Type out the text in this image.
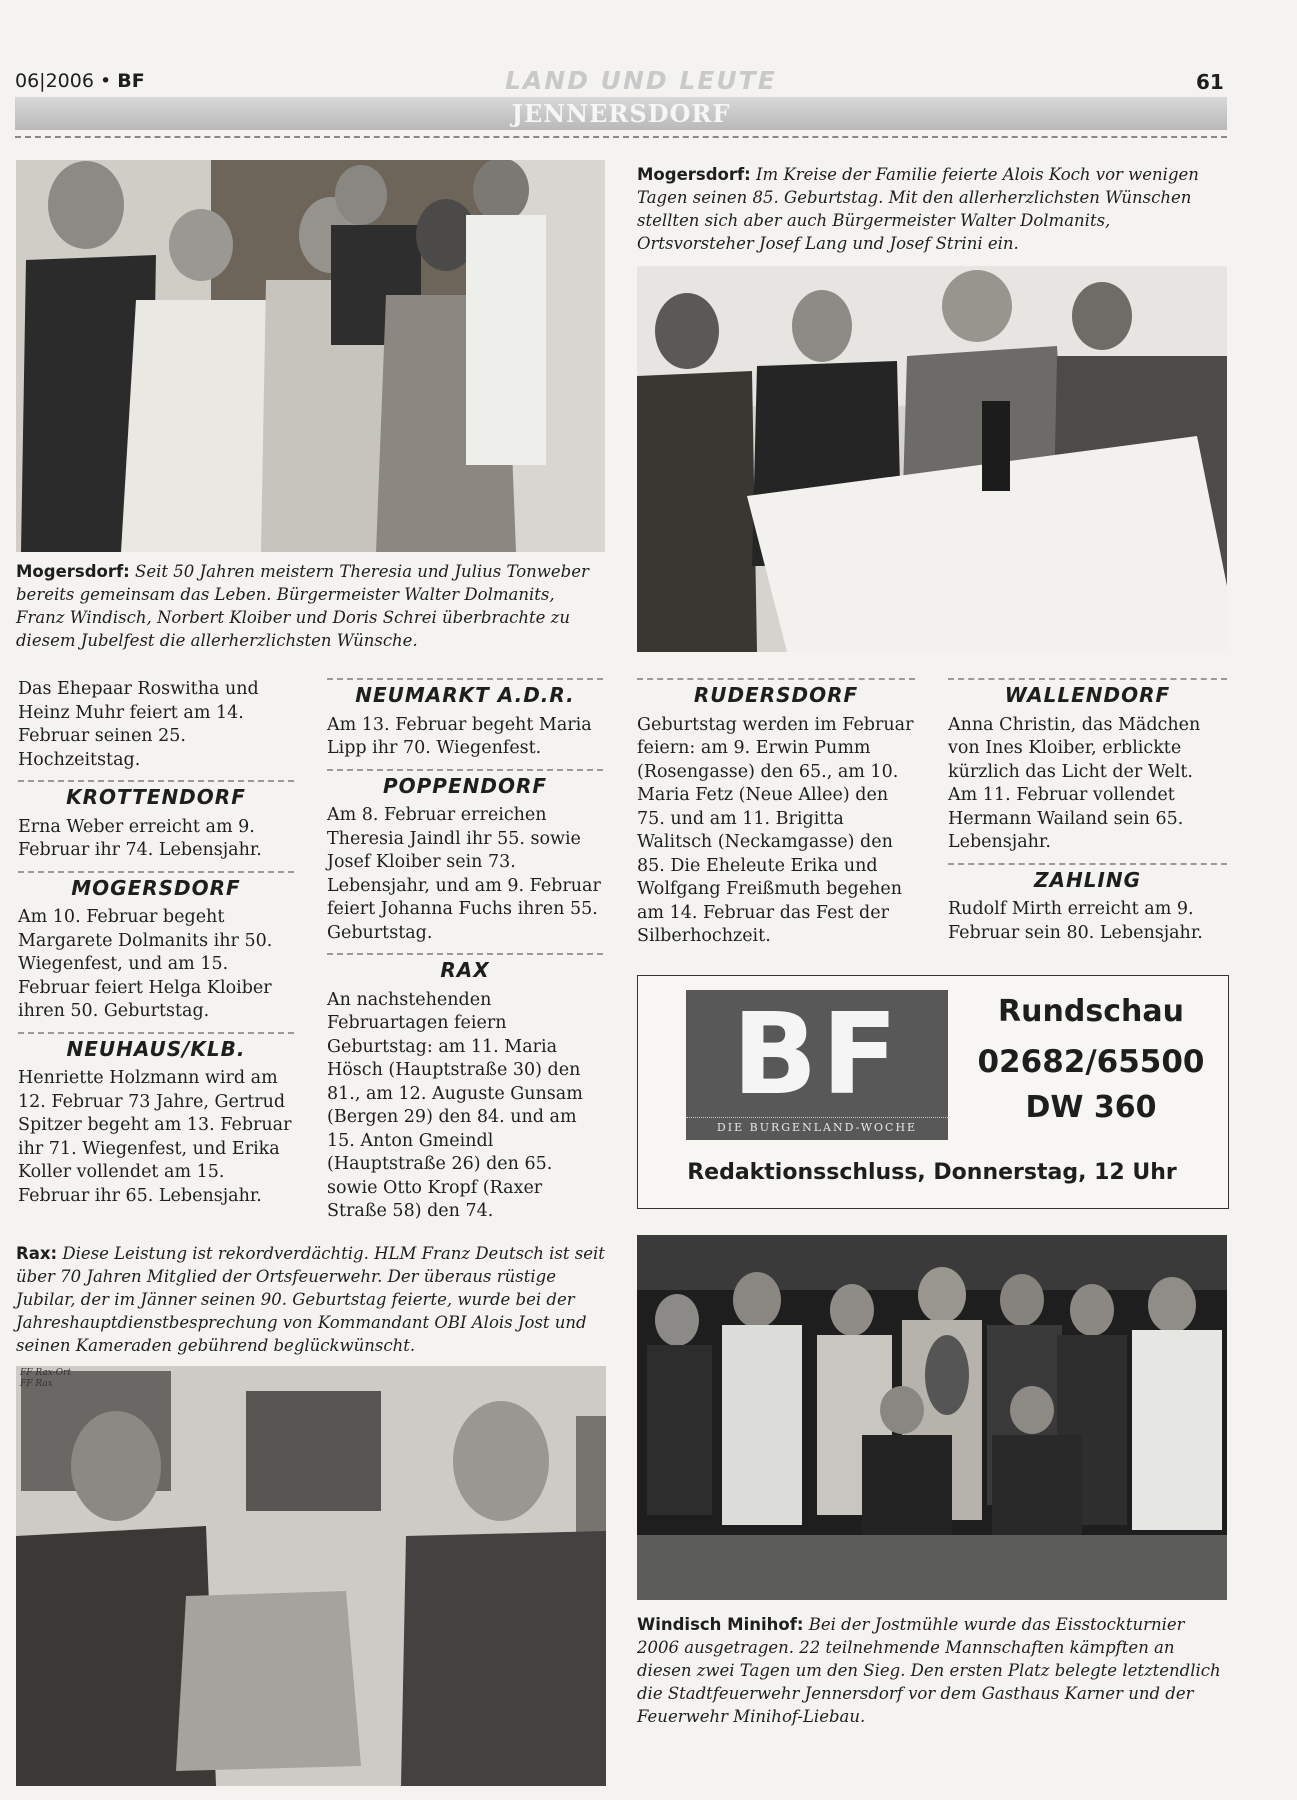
06|2006 • BF	LAND UND LEUTE	61
JENNERSDORF
Mogersdorf: Im Kreise der Familie feierte Alois Koch vor wenigen Tagen seinen 85. Geburtstag. Mit den allerherzlichsten Wünschen stellten sich aber auch Bürgermeister Walter Dolmanits, Ortsvorsteher Josef Lang und Josef Strini ein.
Mogersdorf: Seit 50 Jahren meistern Theresia und Julius Tonweber bereits gemeinsam das Leben. Bürgermeister Walter Dolmanits, Franz Windisch, Norbert Kloiber und Doris Schrei überbrachte zu diesem Jubelfest die allerherzlichsten Wünsche.

Das Ehepaar Roswitha und Heinz Muhr feiert am 14. Februar seinen 25. Hochzeitstag.

KROTTENDORF

Erna Weber erreicht am 9. Februar ihr 74. Lebensjahr.

MOGERSDORF

Am 10. Februar begeht Margarete Dolmanits ihr 50. Wiegenfest, und am 15. Februar feiert Helga Kloiber ihren 50. Geburtstag.

NEUHAUS/KLB.

Henriette Holzmann wird am 12. Februar 73 Jahre, Gertrud Spitzer begeht am 13. Februar ihr 71. Wiegenfest, und Erika Koller vollendet am 15. Februar ihr 65. Lebensjahr.

NEUMARKT A.D.R.

Am 13. Februar begeht Maria Lipp ihr 70. Wiegenfest.

POPPENDORF

Am 8. Februar erreichen Theresia Jaindl ihr 55. sowie Josef Kloiber sein 73. Lebensjahr, und am 9. Februar feiert Johanna Fuchs ihren 55. Geburtstag.

RAX

An nachstehenden Februartagen feiern Geburtstag: am 11. Maria Hösch (Hauptstraße 30) den 81., am 12. Auguste Gunsam (Bergen 29) den 84. und am 15. Anton Gmeindl (Hauptstraße 26) den 65. sowie Otto Kropf (Raxer Straße 58) den 74.

RUDERSDORF

Geburtstag werden im Februar feiern: am 9. Erwin Pumm (Rosengasse) den 65., am 10. Maria Fetz (Neue Allee) den 75. und am 11. Brigitta Walitsch (Neckamgasse) den 85. Die Eheleute Erika und Wolfgang Freißmuth begehen am 14. Februar das Fest der Silberhochzeit.

WALLENDORF

Anna Christin, das Mädchen von Ines Kloiber, erblickte kürzlich das Licht der Welt. Am 11. Februar vollendet Hermann Wailand sein 65. Lebensjahr.

ZAHLING

Rudolf Mirth erreicht am 9. Februar sein 80. Lebensjahr.

BF
DIE BURGENLAND-WOCHE
Rundschau
02682/65500
DW 360
Redaktionsschluss, Donnerstag, 12 Uhr
Rax: Diese Leistung ist rekordverdächtig. HLM Franz Deutsch ist seit über 70 Jahren Mitglied der Ortsfeuerwehr. Der überaus rüstige Jubilar, der im Jänner seinen 90. Geburtstag feierte, wurde bei der Jahreshauptdienstbesprechung von Kommandant OBI Alois Jost und seinen Kameraden gebührend beglückwünscht.
FF Rax-Ort
FF Rax
Windisch Minihof: Bei der Jostmühle wurde das Eisstockturnier 2006 ausgetragen. 22 teilnehmende Mannschaften kämpften an diesen zwei Tagen um den Sieg. Den ersten Platz belegte letztendlich die Stadtfeuerwehr Jennersdorf vor dem Gasthaus Karner und der Feuerwehr Minihof-Liebau.
